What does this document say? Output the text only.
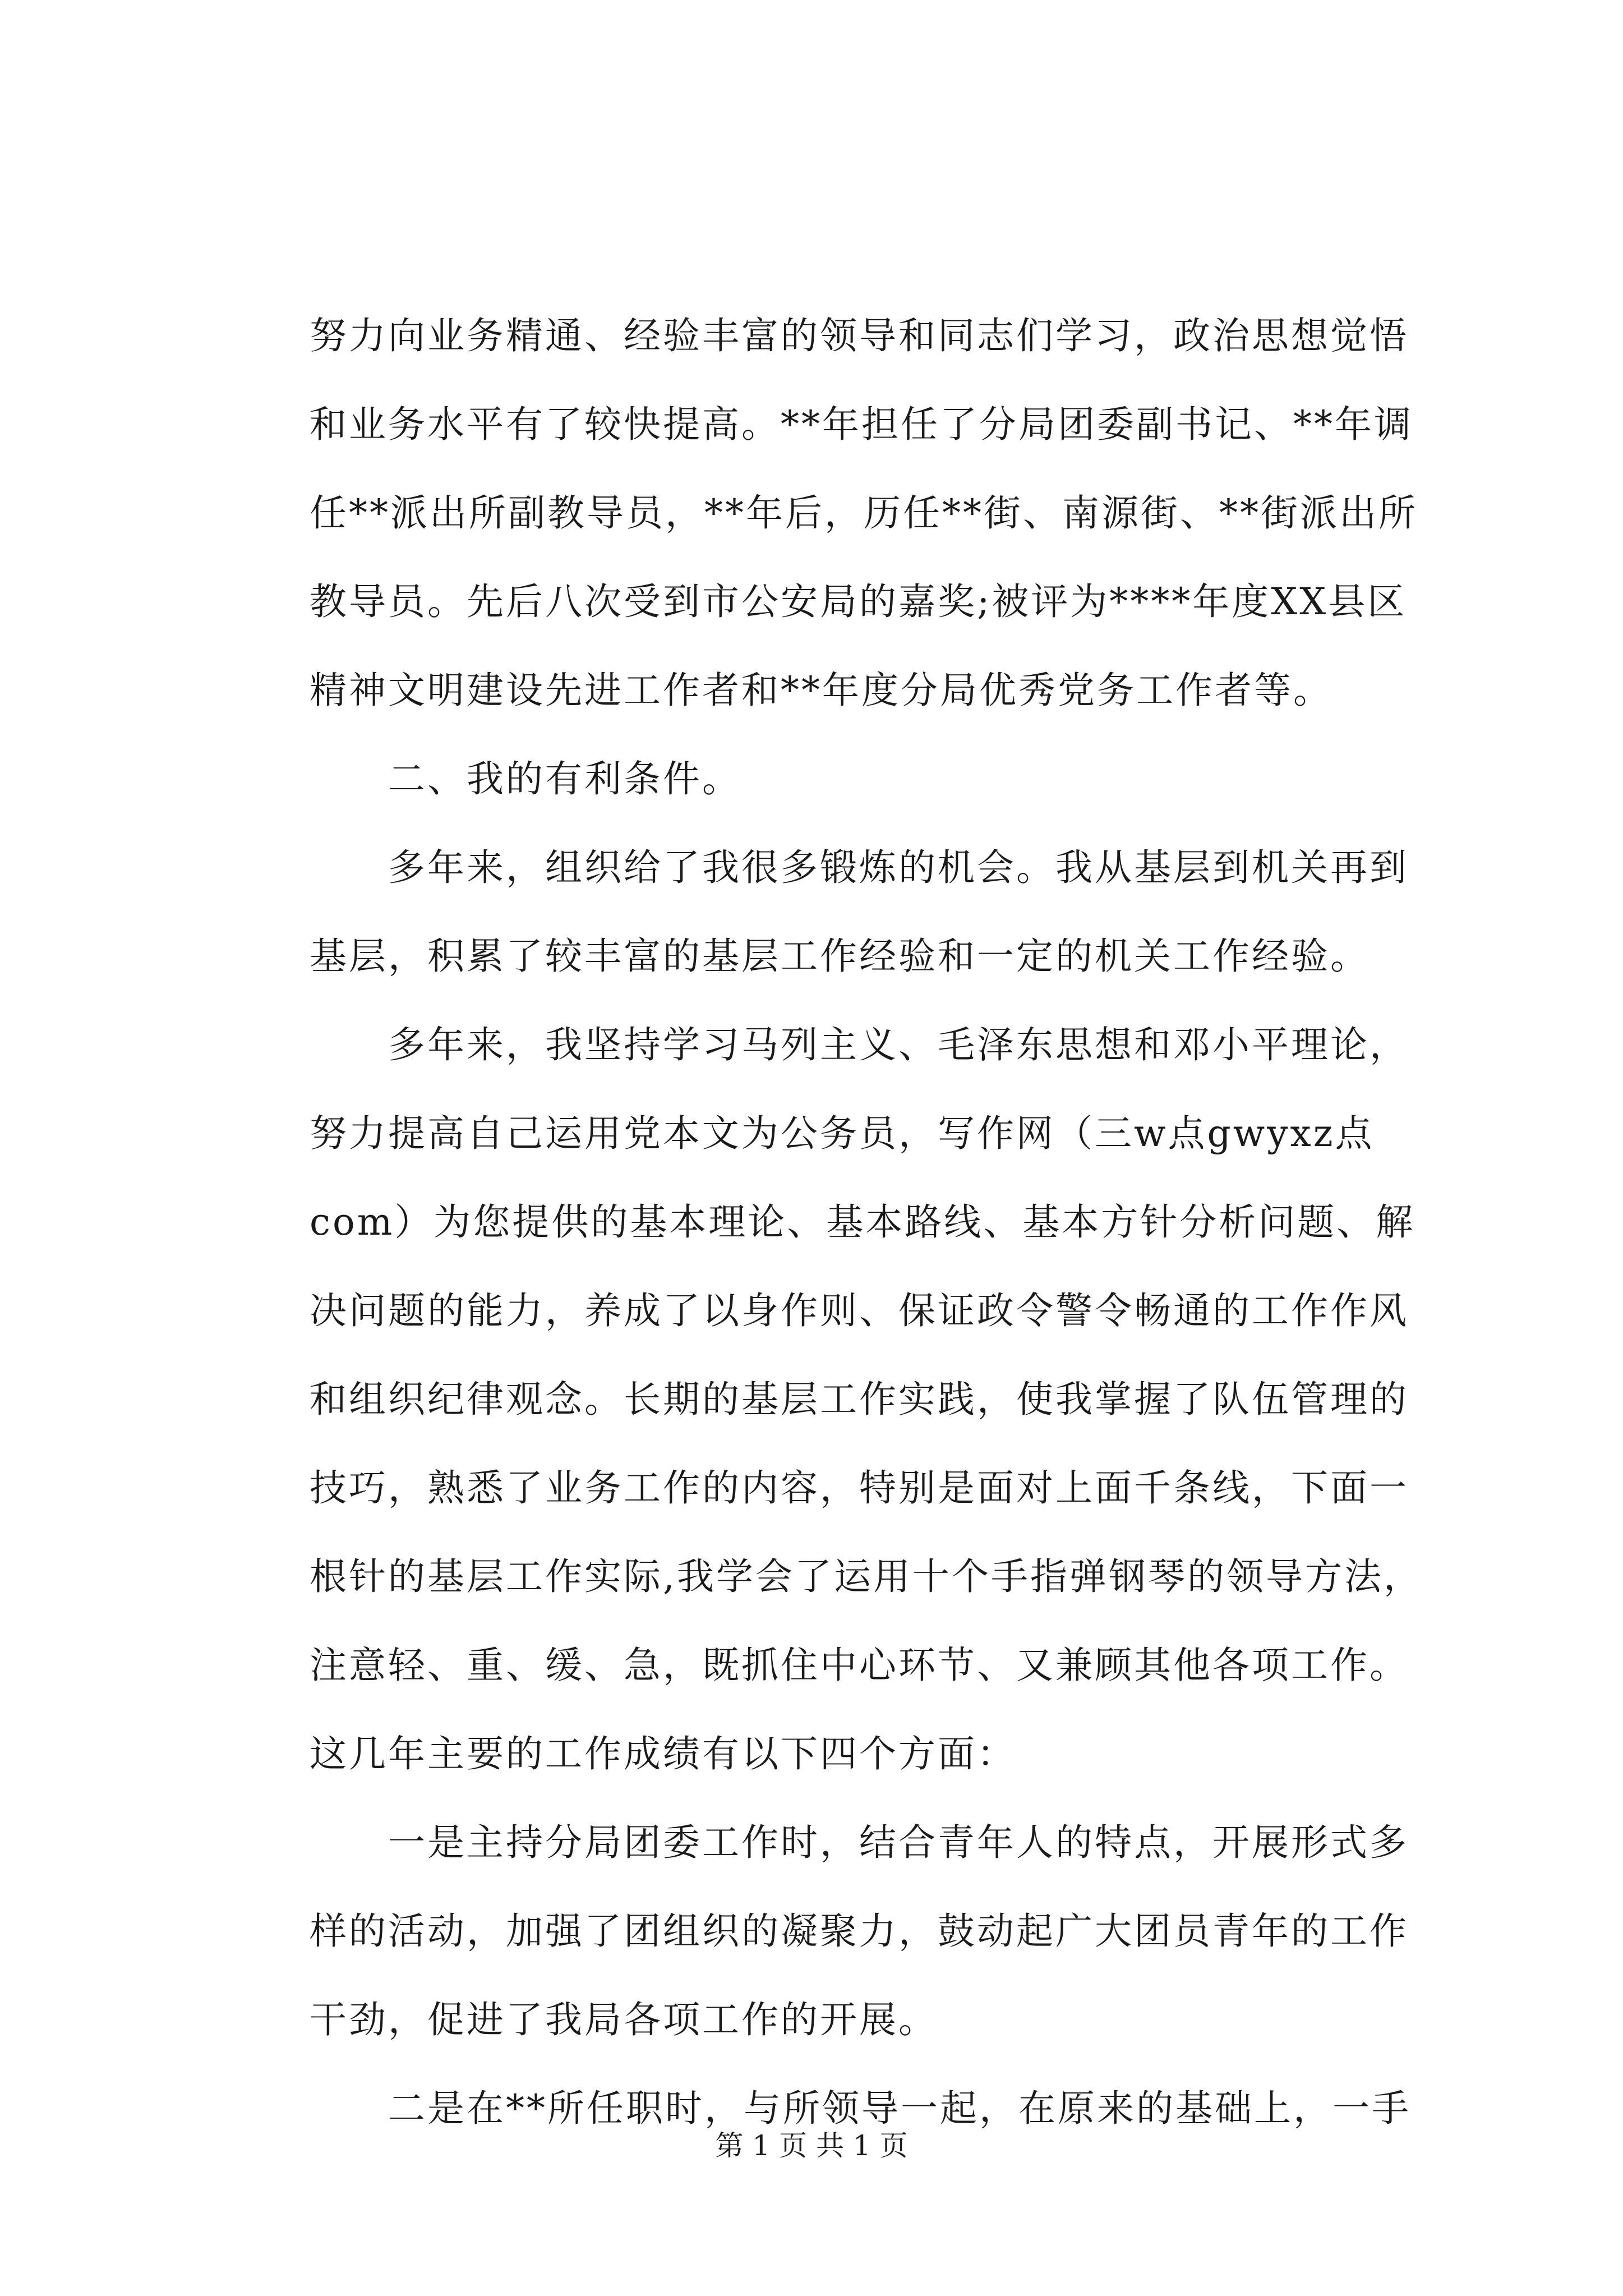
努力向业务精通、经验丰富的领导和同志们学习，政治思想觉悟
和业务水平有了较快提高。**年担任了分局团委副书记、**年调
任**派出所副教导员，**年后，历任**街、南源街、**街派出所
教导员。先后八次受到市公安局的嘉奖;被评为****年度XX县区
精神文明建设先进工作者和**年度分局优秀党务工作者等。
　　二、我的有利条件。
　　多年来，组织给了我很多锻炼的机会。我从基层到机关再到
基层，积累了较丰富的基层工作经验和一定的机关工作经验。
　　多年来，我坚持学习马列主义、毛泽东思想和邓小平理论，
努力提高自己运用党本文为公务员，写作网（三w点gwyxz点
com）为您提供的基本理论、基本路线、基本方针分析问题、解
决问题的能力，养成了以身作则、保证政令警令畅通的工作作风
和组织纪律观念。长期的基层工作实践，使我掌握了队伍管理的
技巧，熟悉了业务工作的内容，特别是面对上面千条线，下面一
根针的基层工作实际,我学会了运用十个手指弹钢琴的领导方法，
注意轻、重、缓、急，既抓住中心环节、又兼顾其他各项工作。
这几年主要的工作成绩有以下四个方面：
　　一是主持分局团委工作时，结合青年人的特点，开展形式多
样的活动，加强了团组织的凝聚力，鼓动起广大团员青年的工作
干劲，促进了我局各项工作的开展。
　　二是在**所任职时，与所领导一起，在原来的基础上，一手
第 1 页 共 1 页
